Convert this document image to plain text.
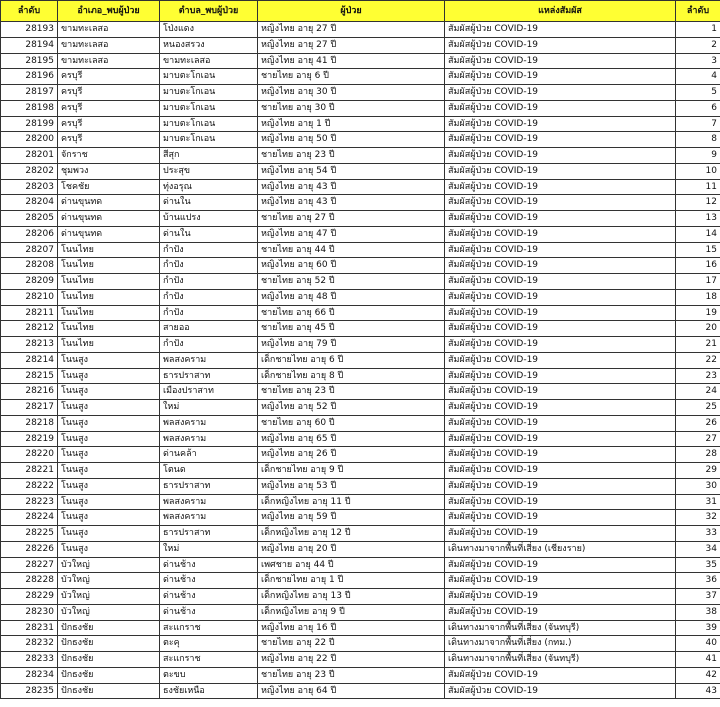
ลำดับ	อำเภอ_พบผู้ป่วย	ตำบล_พบผู้ป่วย	ผู้ป่วย	แหล่งสัมผัส	ลำดับ
28193	ขามทะเลสอ	โป่งแดง	หญิงไทย อายุ 27 ปี	สัมผัสผู้ป่วย COVID-19	1
28194	ขามทะเลสอ	หนองสรวง	หญิงไทย อายุ 27 ปี	สัมผัสผู้ป่วย COVID-19	2
28195	ขามทะเลสอ	ขามทะเลสอ	หญิงไทย อายุ 41 ปี	สัมผัสผู้ป่วย COVID-19	3
28196	ครบุรี	มาบตะโกเอน	ชายไทย อายุ 6 ปี	สัมผัสผู้ป่วย COVID-19	4
28197	ครบุรี	มาบตะโกเอน	หญิงไทย อายุ 30 ปี	สัมผัสผู้ป่วย COVID-19	5
28198	ครบุรี	มาบตะโกเอน	ชายไทย อายุ 30 ปี	สัมผัสผู้ป่วย COVID-19	6
28199	ครบุรี	มาบตะโกเอน	หญิงไทย อายุ 1 ปี	สัมผัสผู้ป่วย COVID-19	7
28200	ครบุรี	มาบตะโกเอน	หญิงไทย อายุ 50 ปี	สัมผัสผู้ป่วย COVID-19	8
28201	จักราช	สีสุก	ชายไทย อายุ 23 ปี	สัมผัสผู้ป่วย COVID-19	9
28202	ชุมพวง	ประสุข	หญิงไทย อายุ 54 ปี	สัมผัสผู้ป่วย COVID-19	10
28203	โชคชัย	ทุ่งอรุณ	หญิงไทย อายุ 43 ปี	สัมผัสผู้ป่วย COVID-19	11
28204	ด่านขุนทด	ด่านใน	หญิงไทย อายุ 43 ปี	สัมผัสผู้ป่วย COVID-19	12
28205	ด่านขุนทด	บ้านแปรง	ชายไทย อายุ 27 ปี	สัมผัสผู้ป่วย COVID-19	13
28206	ด่านขุนทด	ด่านใน	หญิงไทย อายุ 47 ปี	สัมผัสผู้ป่วย COVID-19	14
28207	โนนไทย	กำปัง	ชายไทย อายุ 44 ปี	สัมผัสผู้ป่วย COVID-19	15
28208	โนนไทย	กำปัง	หญิงไทย อายุ 60 ปี	สัมผัสผู้ป่วย COVID-19	16
28209	โนนไทย	กำปัง	ชายไทย อายุ 52 ปี	สัมผัสผู้ป่วย COVID-19	17
28210	โนนไทย	กำปัง	หญิงไทย อายุ 48 ปี	สัมผัสผู้ป่วย COVID-19	18
28211	โนนไทย	กำปัง	ชายไทย อายุ 66 ปี	สัมผัสผู้ป่วย COVID-19	19
28212	โนนไทย	สายออ	ชายไทย อายุ 45 ปี	สัมผัสผู้ป่วย COVID-19	20
28213	โนนไทย	กำปัง	หญิงไทย อายุ 79 ปี	สัมผัสผู้ป่วย COVID-19	21
28214	โนนสูง	พลสงคราม	เด็กชายไทย อายุ 6 ปี	สัมผัสผู้ป่วย COVID-19	22
28215	โนนสูง	ธารปราสาท	เด็กชายไทย อายุ 8 ปี	สัมผัสผู้ป่วย COVID-19	23
28216	โนนสูง	เมืองปราสาท	ชายไทย อายุ 23 ปี	สัมผัสผู้ป่วย COVID-19	24
28217	โนนสูง	ใหม่	หญิงไทย อายุ 52 ปี	สัมผัสผู้ป่วย COVID-19	25
28218	โนนสูง	พลสงคราม	ชายไทย อายุ 60 ปี	สัมผัสผู้ป่วย COVID-19	26
28219	โนนสูง	พลสงคราม	หญิงไทย อายุ 65 ปี	สัมผัสผู้ป่วย COVID-19	27
28220	โนนสูง	ด่านคล้า	หญิงไทย อายุ 26 ปี	สัมผัสผู้ป่วย COVID-19	28
28221	โนนสูง	โตนด	เด็กชายไทย อายุ 9 ปี	สัมผัสผู้ป่วย COVID-19	29
28222	โนนสูง	ธารปราสาท	หญิงไทย อายุ 53 ปี	สัมผัสผู้ป่วย COVID-19	30
28223	โนนสูง	พลสงคราม	เด็กหญิงไทย อายุ 11 ปี	สัมผัสผู้ป่วย COVID-19	31
28224	โนนสูง	พลสงคราม	หญิงไทย อายุ 59 ปี	สัมผัสผู้ป่วย COVID-19	32
28225	โนนสูง	ธารปราสาท	เด็กหญิงไทย อายุ 12 ปี	สัมผัสผู้ป่วย COVID-19	33
28226	โนนสูง	ใหม่	หญิงไทย อายุ 20 ปี	เดินทางมาจากพื้นที่เสี่ยง (เชียงราย)	34
28227	บัวใหญ่	ด่านช้าง	เพศชาย อายุ 44 ปี	สัมผัสผู้ป่วย COVID-19	35
28228	บัวใหญ่	ด่านช้าง	เด็กชายไทย อายุ 1 ปี	สัมผัสผู้ป่วย COVID-19	36
28229	บัวใหญ่	ด่านช้าง	เด็กหญิงไทย อายุ 13 ปี	สัมผัสผู้ป่วย COVID-19	37
28230	บัวใหญ่	ด่านช้าง	เด็กหญิงไทย อายุ 9 ปี	สัมผัสผู้ป่วย COVID-19	38
28231	ปักธงชัย	สะแกราช	หญิงไทย อายุ 16 ปี	เดินทางมาจากพื้นที่เสี่ยง (จันทบุรี)	39
28232	ปักธงชัย	ตะคุ	ชายไทย อายุ 22 ปี	เดินทางมาจากพื้นที่เสี่ยง (กทม.)	40
28233	ปักธงชัย	สะแกราช	หญิงไทย อายุ 22 ปี	เดินทางมาจากพื้นที่เสี่ยง (จันทบุรี)	41
28234	ปักธงชัย	ตะขบ	ชายไทย อายุ 23 ปี	สัมผัสผู้ป่วย COVID-19	42
28235	ปักธงชัย	ธงชัยเหนือ	หญิงไทย อายุ 64 ปี	สัมผัสผู้ป่วย COVID-19	43
